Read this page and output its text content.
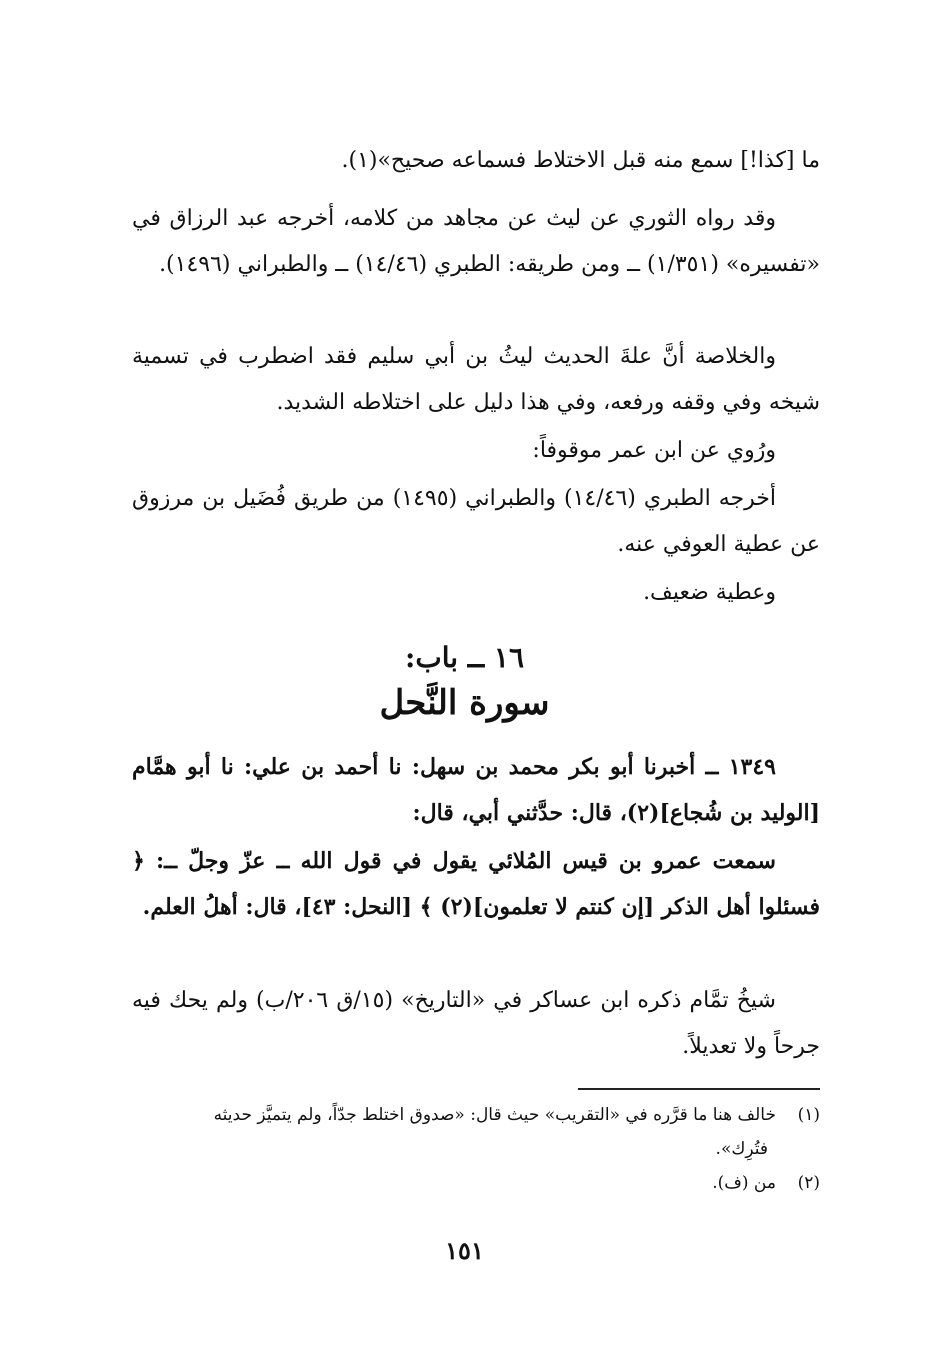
ما [كذا!] سمع منه قبل الاختلاط فسماعه صحيح»(١).

وقد رواه الثوري عن ليث عن مجاهد من كلامه، أخرجه عبد الرزاق في «تفسيره» (١/٣٥١) ــ ومن طريقه: الطبري (١٤/٤٦) ــ والطبراني (١٤٩٦).

والخلاصة أنَّ علةَ الحديث ليثُ بن أبي سليم فقد اضطرب في تسمية شيخه وفي وقفه ورفعه، وفي هذا دليل على اختلاطه الشديد.

ورُوي عن ابن عمر موقوفاً:

أخرجه الطبري (١٤/٤٦) والطبراني (١٤٩٥) من طريق فُضَيل بن مرزوق عن عطية العوفي عنه.

وعطية ضعيف.

١٦ ــ باب:
سورة النَّحل

١٣٤٩ ــ أخبرنا أبو بكر محمد بن سهل: نا أحمد بن علي: نا أبو همَّام [الوليد بن شُجاع](٢)، قال: حدَّثني أبي، قال:

سمعت عمرو بن قيس المُلائي يقول في قول الله ــ عزّ وجلّ ــ: ﴿ فسئلوا أهل الذكر [إن كنتم لا تعلمون](٢) ﴾ [النحل: ٤٣]، قال: أهلُ العلم.

شيخُ تمَّام ذكره ابن عساكر في «التاريخ» (١٥/ق ٢٠٦/ب) ولم يحك فيه جرحاً ولا تعديلاً.

(١)    خالف هنا ما قرَّره في «التقريب» حيث قال: «صدوق اختلط جدّاً، ولم يتميَّز حديثه
فتُرِك».
(٢)    من (ف).
١٥١
